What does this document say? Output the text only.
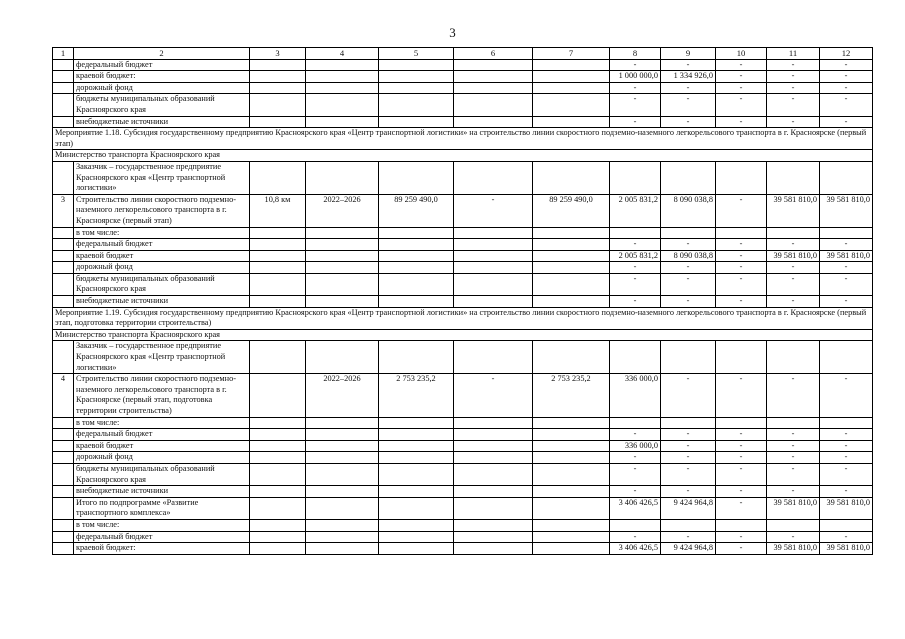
3
1	2	3	4	5	6	7	8	9	10	11	12
	федеральный бюджет						-	-	-	-	-
	краевой бюджет:						1 000 000,0	1 334 926,0	-	-	-
	дорожный фонд						-	-	-	-	-
	бюджеты муниципальных образований Красноярского края						-	-	-	-	-
	внебюджетные источники						-	-	-	-	-
Мероприятие 1.18. Субсидия государственному предприятию Красноярского края «Центр транспортной логистики» на строительство линии скоростного подземно-наземного легкорельсового транспорта в г. Красноярске (первый этап)											
Министерство транспорта Красноярского края											
	Заказчик – государственное предприятие Красноярского края «Центр транспортной логистики»										
3	Строительство линии скоростного подземно-наземного легкорельсового транспорта в г. Красноярске (первый этап)	10,8 км	2022–2026	89 259 490,0	-	89 259 490,0	2 005 831,2	8 090 038,8	-	39 581 810,0	39 581 810,0
	в том числе:										
	федеральный бюджет						-	-	-	-	-
	краевой бюджет						2 005 831,2	8 090 038,8	-	39 581 810,0	39 581 810,0
	дорожный фонд						-	-	-	-	-
	бюджеты муниципальных образований Красноярского края						-	-	-	-	-
	внебюджетные источники						-	-	-	-	-
Мероприятие 1.19. Субсидия государственному предприятию Красноярского края «Центр транспортной логистики» на строительство линии скоростного подземно-наземного легкорельсового транспорта в г. Красноярске (первый этап, подготовка территории строительства)											
Министерство транспорта Красноярского края											
	Заказчик – государственное предприятие Красноярского края «Центр транспортной логистики»										
4	Строительство линии скоростного подземно-наземного легкорельсового транспорта в г. Красноярске (первый этап, подготовка территории строительства)		2022–2026	2 753 235,2	-	2 753 235,2	336 000,0	-	-	-	-
	в том числе:										
	федеральный бюджет						-	-	-	-	-
	краевой бюджет						336 000,0	-	-	-	-
	дорожный фонд						-	-	-	-	-
	бюджеты муниципальных образований Красноярского края						-	-	-	-	-
	внебюджетные источники						-	-	-	-	-
	Итого по подпрограмме «Развитие транспортного комплекса»						3 406 426,5	9 424 964,8	-	39 581 810,0	39 581 810,0
	в том числе:										
	федеральный бюджет						-	-	-	-	-
	краевой бюджет:						3 406 426,5	9 424 964,8	-	39 581 810,0	39 581 810,0
